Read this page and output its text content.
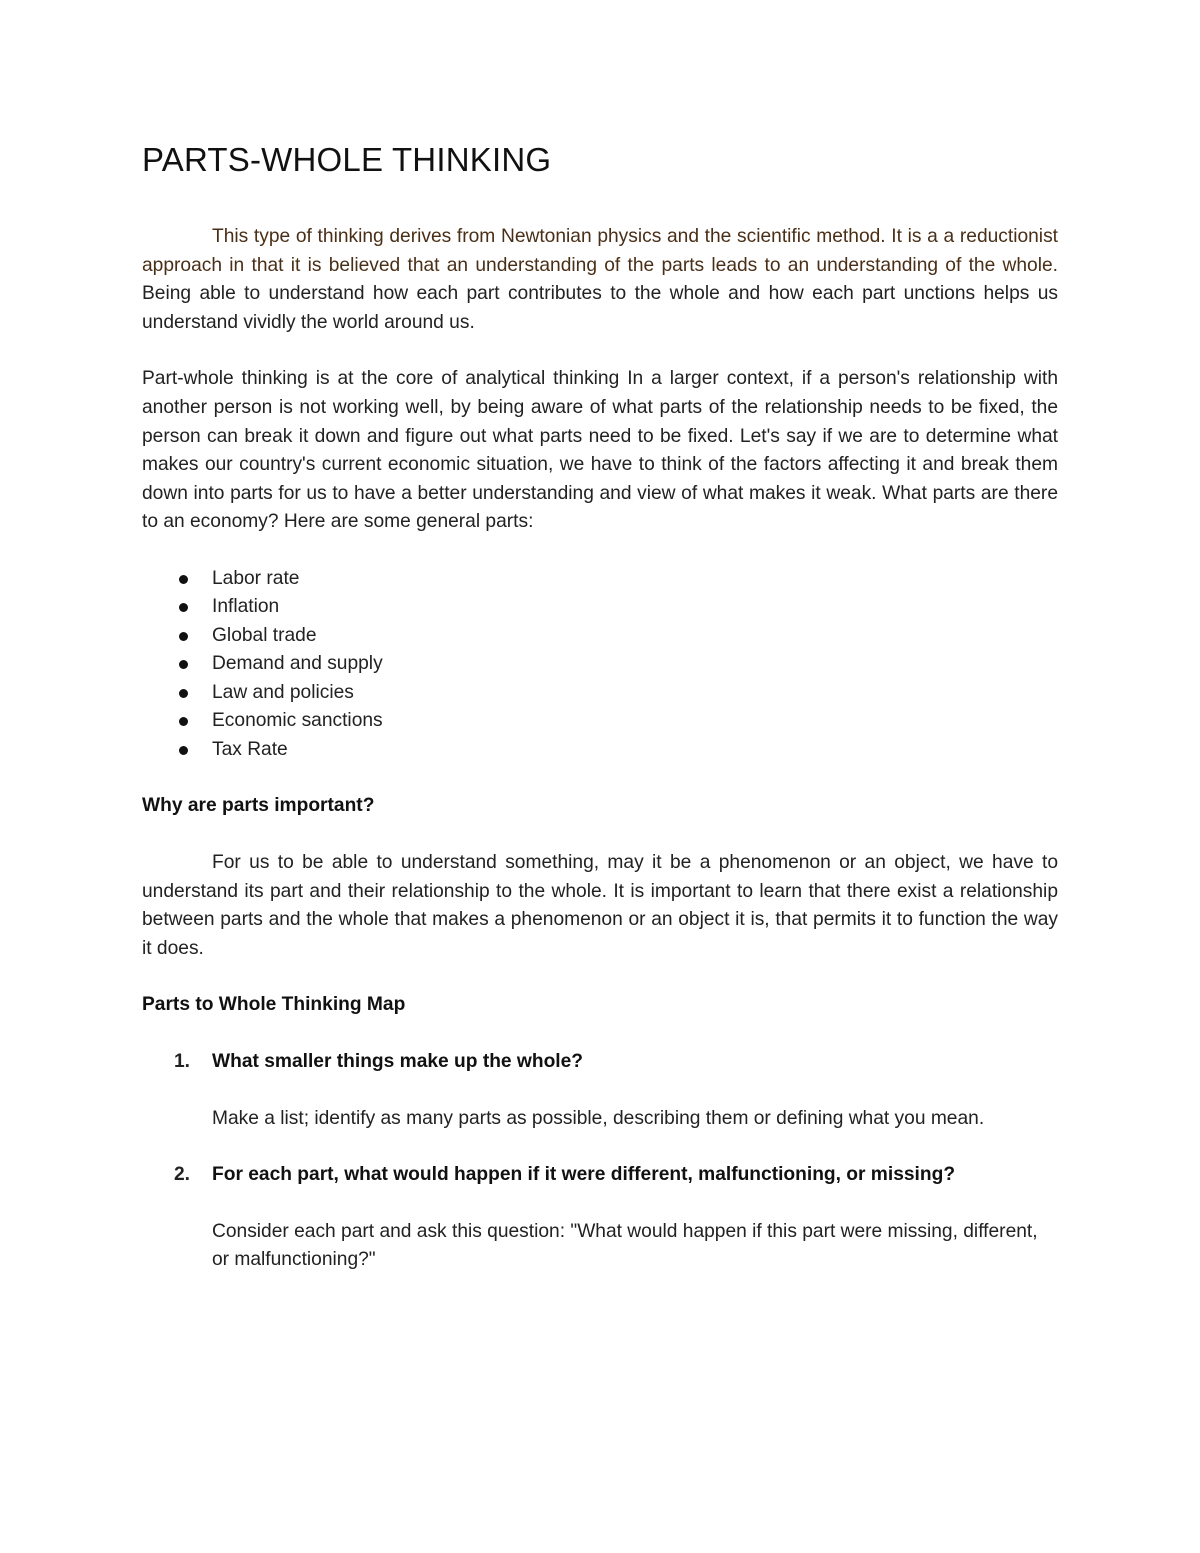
PARTS-WHOLE THINKING

This type of thinking derives from Newtonian physics and the scientific method. It is a a reductionist approach in that it is believed that an understanding of the parts leads to an understanding of the whole. Being able to understand how each part contributes to the whole and how each part unctions helps us understand vividly the world around us.

Part-whole thinking is at the core of analytical thinking In a larger context, if a person's relationship with another person is not working well, by being aware of what parts of the relationship needs to be fixed, the person can break it down and figure out what parts need to be fixed. Let's say if we are to determine what makes our country's current economic situation, we have to think of the factors affecting it and break them down into parts for us to have a better understanding and view of what makes it weak. What parts are there to an economy? Here are some general parts:

Labor rate
Inflation
Global trade
Demand and supply
Law and policies
Economic sanctions
Tax Rate

Why are parts important?

For us to be able to understand something, may it be a phenomenon or an object, we have to understand its part and their relationship to the whole. It is important to learn that there exist a relationship between parts and the whole that makes a phenomenon or an object it is, that permits it to function the way it does.

Parts to Whole Thinking Map

1. What smaller things make up the whole?

Make a list; identify as many parts as possible, describing them or defining what you mean.

2. For each part, what would happen if it were different, malfunctioning, or missing?

Consider each part and ask this question: "What would happen if this part were missing, different, or malfunctioning?"
